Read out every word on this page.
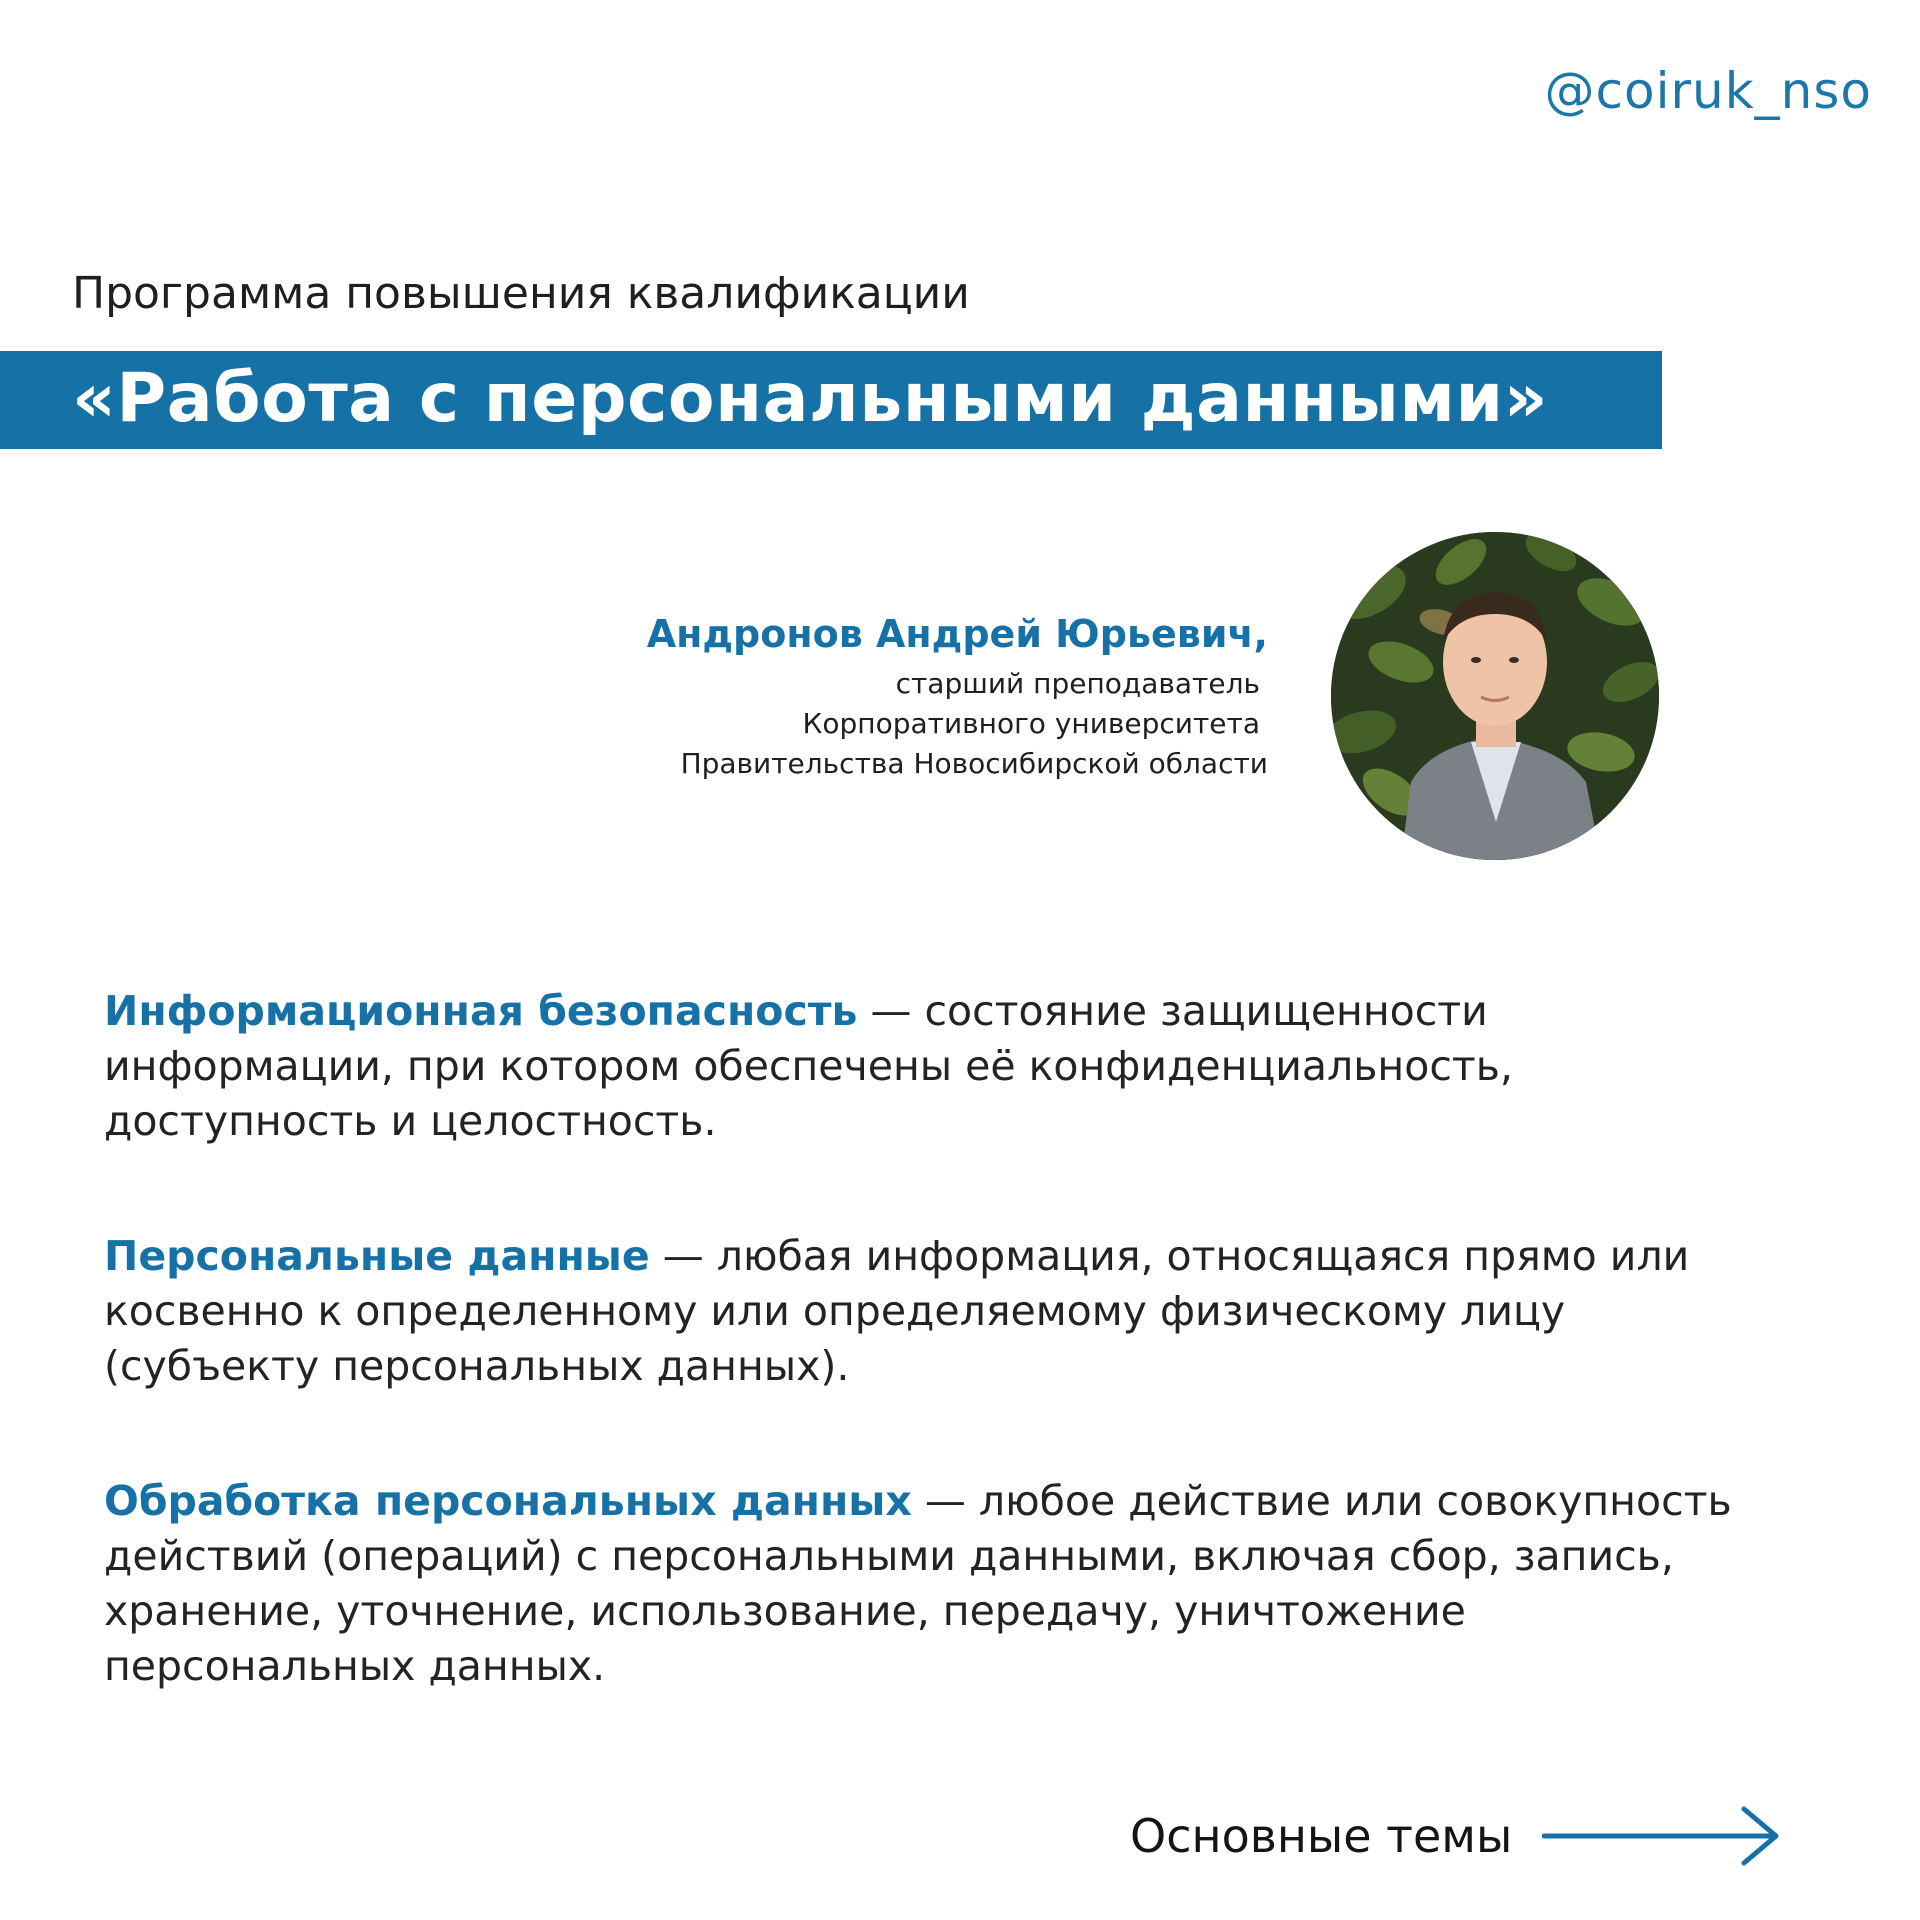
@coiruk_nso
Программа повышения квалификации
«Работа с персональными данными»
Андронов Андрей Юрьевич,
старший преподаватель
Корпоративного университета
Правительства Новосибирской области
Информационная безопасность — состояние защищенности информации, при котором обеспечены её конфиденциальность, доступность и целостность.
Персональные данные — любая информация, относящаяся прямо или косвенно к определенному или определяемому физическому лицу (субъекту персональных данных).
Обработка персональных данных — любое действие или совокупность действий (операций) с персональными данными, включая сбор, запись, хранение, уточнение, использование, передачу, уничтожение персональных данных.
Основные темы
